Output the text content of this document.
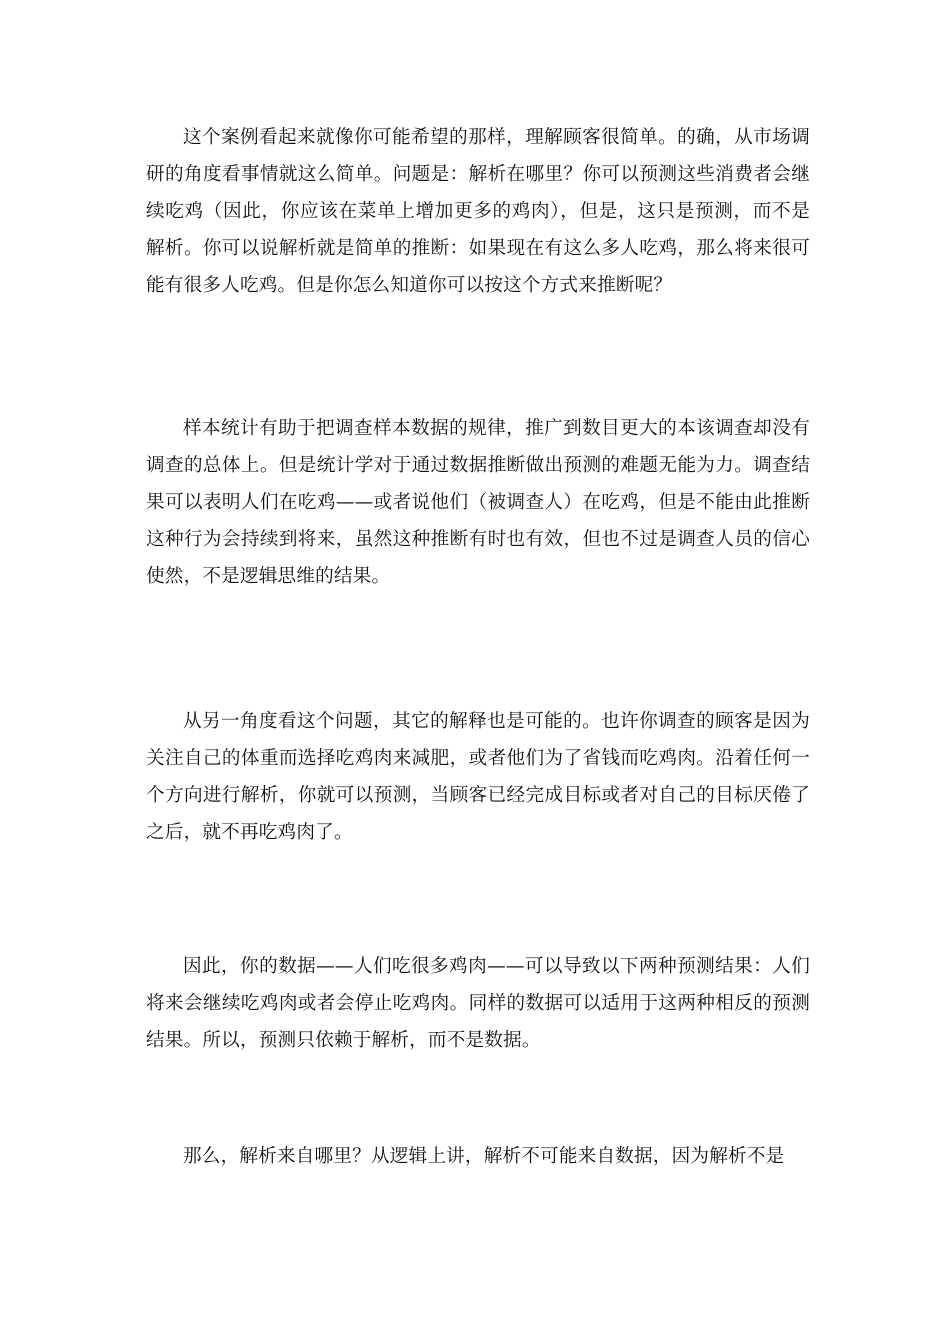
这个案例看起来就像你可能希望的那样，理解顾客很简单。的确，从市场调研的角度看事情就这么简单。问题是：解析在哪里？你可以预测这些消费者会继续吃鸡（因此，你应该在菜单上增加更多的鸡肉），但是，这只是预测，而不是解析。你可以说解析就是简单的推断：如果现在有这么多人吃鸡，那么将来很可能有很多人吃鸡。但是你怎么知道你可以按这个方式来推断呢？

样本统计有助于把调查样本数据的规律，推广到数目更大的本该调查却没有调查的总体上。但是统计学对于通过数据推断做出预测的难题无能为力。调查结果可以表明人们在吃鸡——或者说他们（被调查人）在吃鸡，但是不能由此推断这种行为会持续到将来，虽然这种推断有时也有效，但也不过是调查人员的信心使然，不是逻辑思维的结果。

从另一角度看这个问题，其它的解释也是可能的。也许你调查的顾客是因为关注自己的体重而选择吃鸡肉来减肥，或者他们为了省钱而吃鸡肉。沿着任何一个方向进行解析，你就可以预测，当顾客已经完成目标或者对自己的目标厌倦了之后，就不再吃鸡肉了。

因此，你的数据——人们吃很多鸡肉——可以导致以下两种预测结果：人们将来会继续吃鸡肉或者会停止吃鸡肉。同样的数据可以适用于这两种相反的预测结果。所以，预测只依赖于解析，而不是数据。

那么，解析来自哪里？从逻辑上讲，解析不可能来自数据，因为解析不是
